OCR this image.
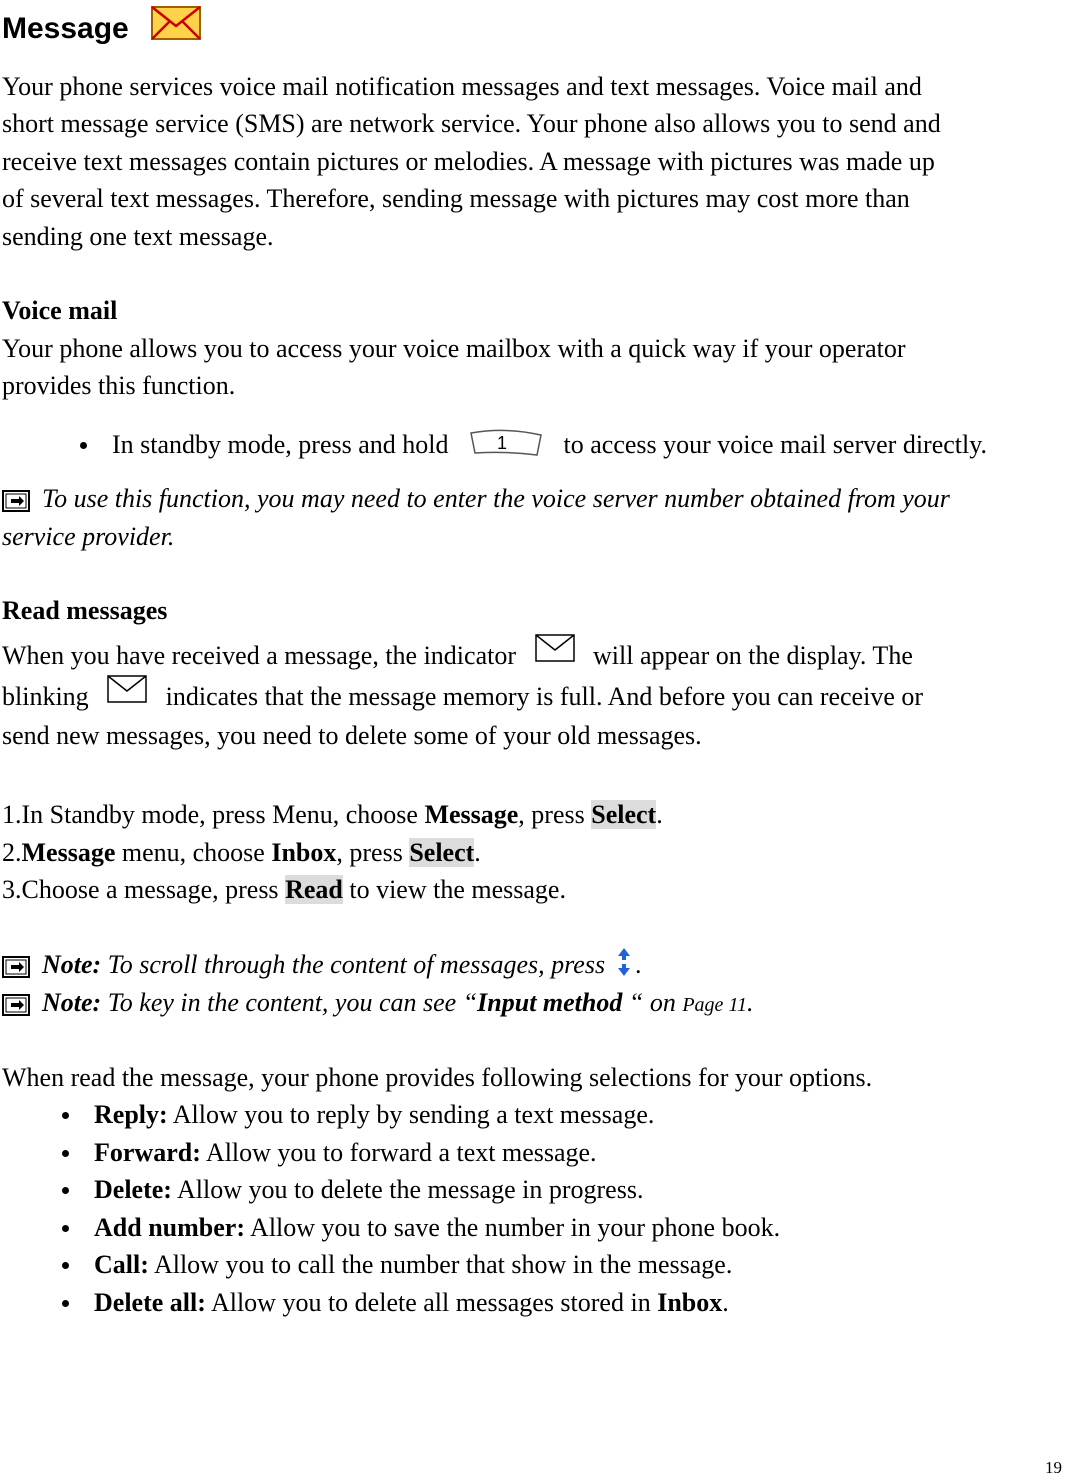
Message
Your phone services voice mail notification messages and text messages. Voice mail and
short message service (SMS) are network service. Your phone also allows you to send and
receive text messages contain pictures or melodies. A message with pictures was made up
of several text messages. Therefore, sending message with pictures may cost more than
sending one text message.
Voice mail
Your phone allows you to access your voice mailbox with a quick way if your operator
provides this function.
In standby mode, press and hold	1 to access your voice mail server directly.
To use this function, you may need to enter the voice server number obtained from your
service provider.
Read messages
When you have received a message, the indicator	will appear on the display. The
blinking	indicates that the message memory is full. And before you can receive or
send new messages, you need to delete some of your old messages.
1.In Standby mode, press Menu, choose Message, press Select.
2.Message menu, choose Inbox, press Select.
3.Choose a message, press Read to view the message.
Note: To scroll through the content of messages, press .
Note: To key in the content, you can see “Input method “ on Page 11.
When read the message, your phone provides following selections for your options.
Reply: Allow you to reply by sending a text message.
Forward: Allow you to forward a text message.
Delete: Allow you to delete the message in progress.
Add number: Allow you to save the number in your phone book.
Call: Allow you to call the number that show in the message.
Delete all: Allow you to delete all messages stored in Inbox.
19
